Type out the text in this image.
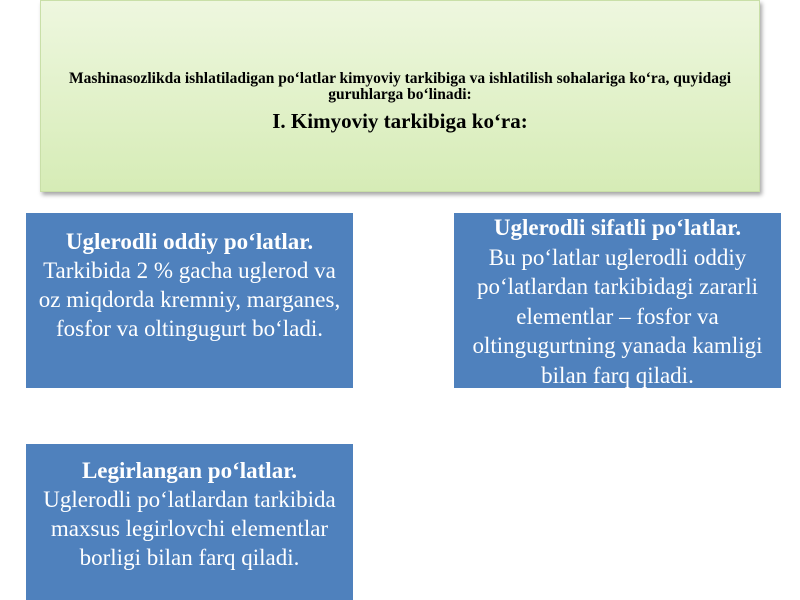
Mashinasozlikda ishlatiladigan po‘latlar kimyoviy tarkibiga va ishlatilish sohalariga ko‘ra, quyidagi guruhlarga bo‘linadi:
I. Kimyoviy tarkibiga ko‘ra:
Uglerodli oddiy po‘latlar.
Tarkibida 2 % gacha uglerod va oz miqdorda kremniy, marganes, fosfor va oltingugurt bo‘ladi.
Uglerodli sifatli po‘latlar.
Bu po‘latlar uglerodli oddiy po‘latlardan tarkibidagi zararli elementlar – fosfor va oltingugurtning yanada kamligi bilan farq qiladi.
Legirlangan po‘latlar.
Uglerodli po‘latlardan tarkibida maxsus legirlovchi elementlar borligi bilan farq qiladi.
